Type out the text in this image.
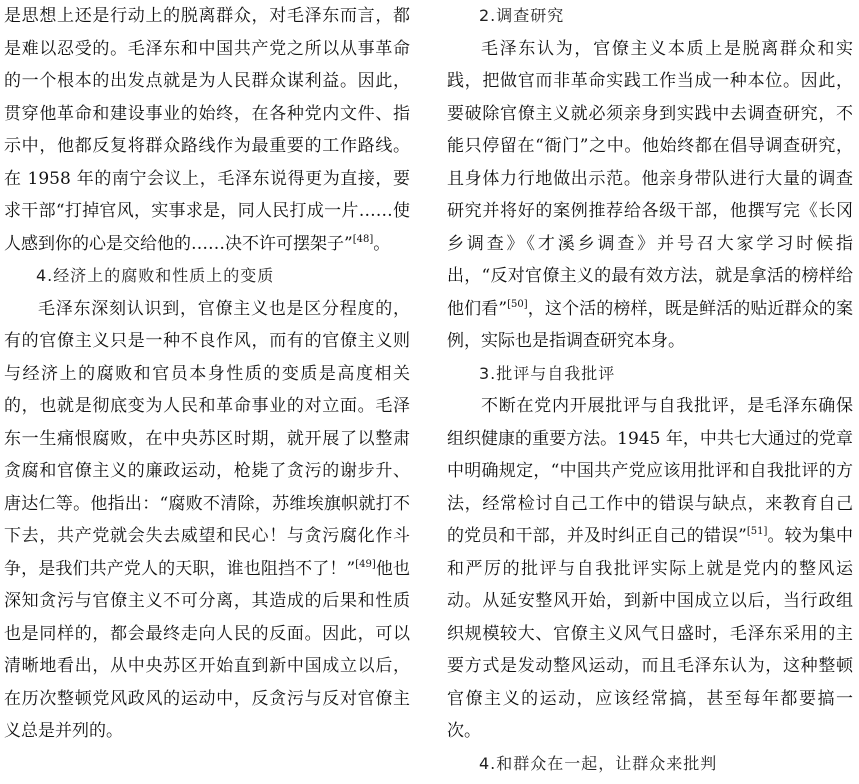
是思想上还是行动上的脱离群众，对毛泽东而言，都是难以忍受的。毛泽东和中国共产党之所以从事革命的一个根本的出发点就是为人民群众谋利益。因此，贯穿他革命和建设事业的始终，在各种党内文件、指示中，他都反复将群众路线作为最重要的工作路线。在 1958 年的南宁会议上，毛泽东说得更为直接，要求干部“打掉官风，实事求是，同人民打成一片……使人感到你的心是交给他的……决不许可摆架子”[48]。

4.经济上的腐败和性质上的变质

毛泽东深刻认识到，官僚主义也是区分程度的，有的官僚主义只是一种不良作风，而有的官僚主义则与经济上的腐败和官员本身性质的变质是高度相关的，也就是彻底变为人民和革命事业的对立面。毛泽东一生痛恨腐败，在中央苏区时期，就开展了以整肃贪腐和官僚主义的廉政运动，枪毙了贪污的谢步升、唐达仁等。他指出：“腐败不清除，苏维埃旗帜就打不下去，共产党就会失去威望和民心！与贪污腐化作斗争，是我们共产党人的天职，谁也阻挡不了！”[49]他也深知贪污与官僚主义不可分离，其造成的后果和性质也是同样的，都会最终走向人民的反面。因此，可以清晰地看出，从中央苏区开始直到新中国成立以后，在历次整顿党风政风的运动中，反贪污与反对官僚主义总是并列的。

2.调查研究

毛泽东认为，官僚主义本质上是脱离群众和实践，把做官而非革命实践工作当成一种本位。因此，要破除官僚主义就必须亲身到实践中去调查研究，不能只停留在“衙门”之中。他始终都在倡导调查研究，且身体力行地做出示范。他亲身带队进行大量的调查研究并将好的案例推荐给各级干部，他撰写完《长冈乡调查》《才溪乡调查》并号召大家学习时候指出，“反对官僚主义的最有效方法，就是拿活的榜样给他们看”[50]，这个活的榜样，既是鲜活的贴近群众的案例，实际也是指调查研究本身。

3.批评与自我批评

不断在党内开展批评与自我批评，是毛泽东确保组织健康的重要方法。1945 年，中共七大通过的党章中明确规定，“中国共产党应该用批评和自我批评的方法，经常检讨自己工作中的错误与缺点，来教育自己的党员和干部，并及时纠正自己的错误”[51]。较为集中和严厉的批评与自我批评实际上就是党内的整风运动。从延安整风开始，到新中国成立以后，当行政组织规模较大、官僚主义风气日盛时，毛泽东采用的主要方式是发动整风运动，而且毛泽东认为，这种整顿官僚主义的运动，应该经常搞，甚至每年都要搞一次。

4.和群众在一起，让群众来批判
